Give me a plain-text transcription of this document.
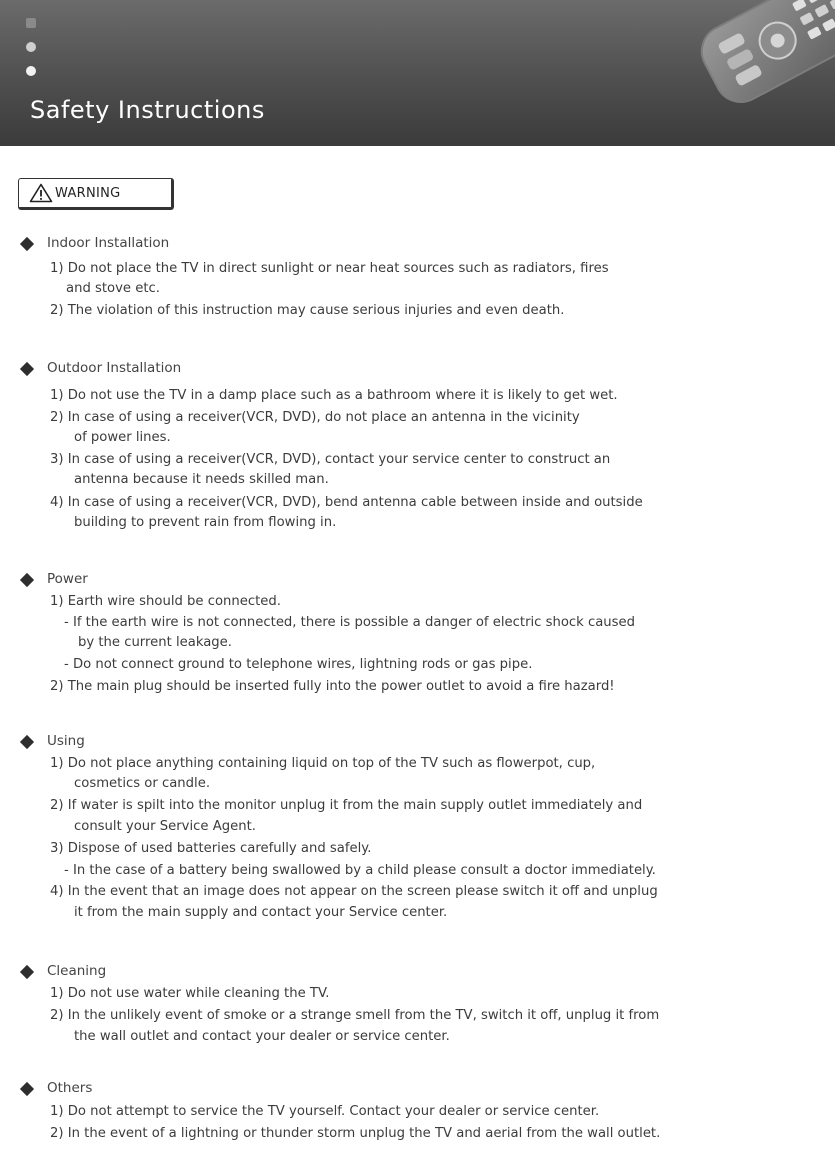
Safety Instructions
WARNING
Indoor Installation
1) Do not place the TV in direct sunlight or near heat sources such as radiators, fires
and stove etc.
2) The violation of this instruction may cause serious injuries and even death.
Outdoor Installation
1) Do not use the TV in a damp place such as a bathroom where it is likely to get wet.
2) In case of using a receiver(VCR, DVD), do not place an antenna in the vicinity
of power lines.
3) In case of using a receiver(VCR, DVD), contact your service center to construct an
antenna because it needs skilled man.
4) In case of using a receiver(VCR, DVD), bend antenna cable between inside and outside
building to prevent rain from flowing in.
Power
1) Earth wire should be connected.
- If the earth wire is not connected, there is possible a danger of electric shock caused
by the current leakage.
- Do not connect ground to telephone wires, lightning rods or gas pipe.
2) The main plug should be inserted fully into the power outlet to avoid a fire hazard!
Using
1) Do not place anything containing liquid on top of the TV such as flowerpot, cup,
cosmetics or candle.
2) If water is spilt into the monitor unplug it from the main supply outlet immediately and
consult your Service Agent.
3) Dispose of used batteries carefully and safely.
- In the case of a battery being swallowed by a child please consult a doctor immediately.
4) In the event that an image does not appear on the screen please switch it off and unplug
it from the main supply and contact your Service center.
Cleaning
1) Do not use water while cleaning the TV.
2) In the unlikely event of smoke or a strange smell from the TV, switch it off, unplug it from
the wall outlet and contact your dealer or service center.
Others
1) Do not attempt to service the TV yourself. Contact your dealer or service center.
2) In the event of a lightning or thunder storm unplug the TV and aerial from the wall outlet.
